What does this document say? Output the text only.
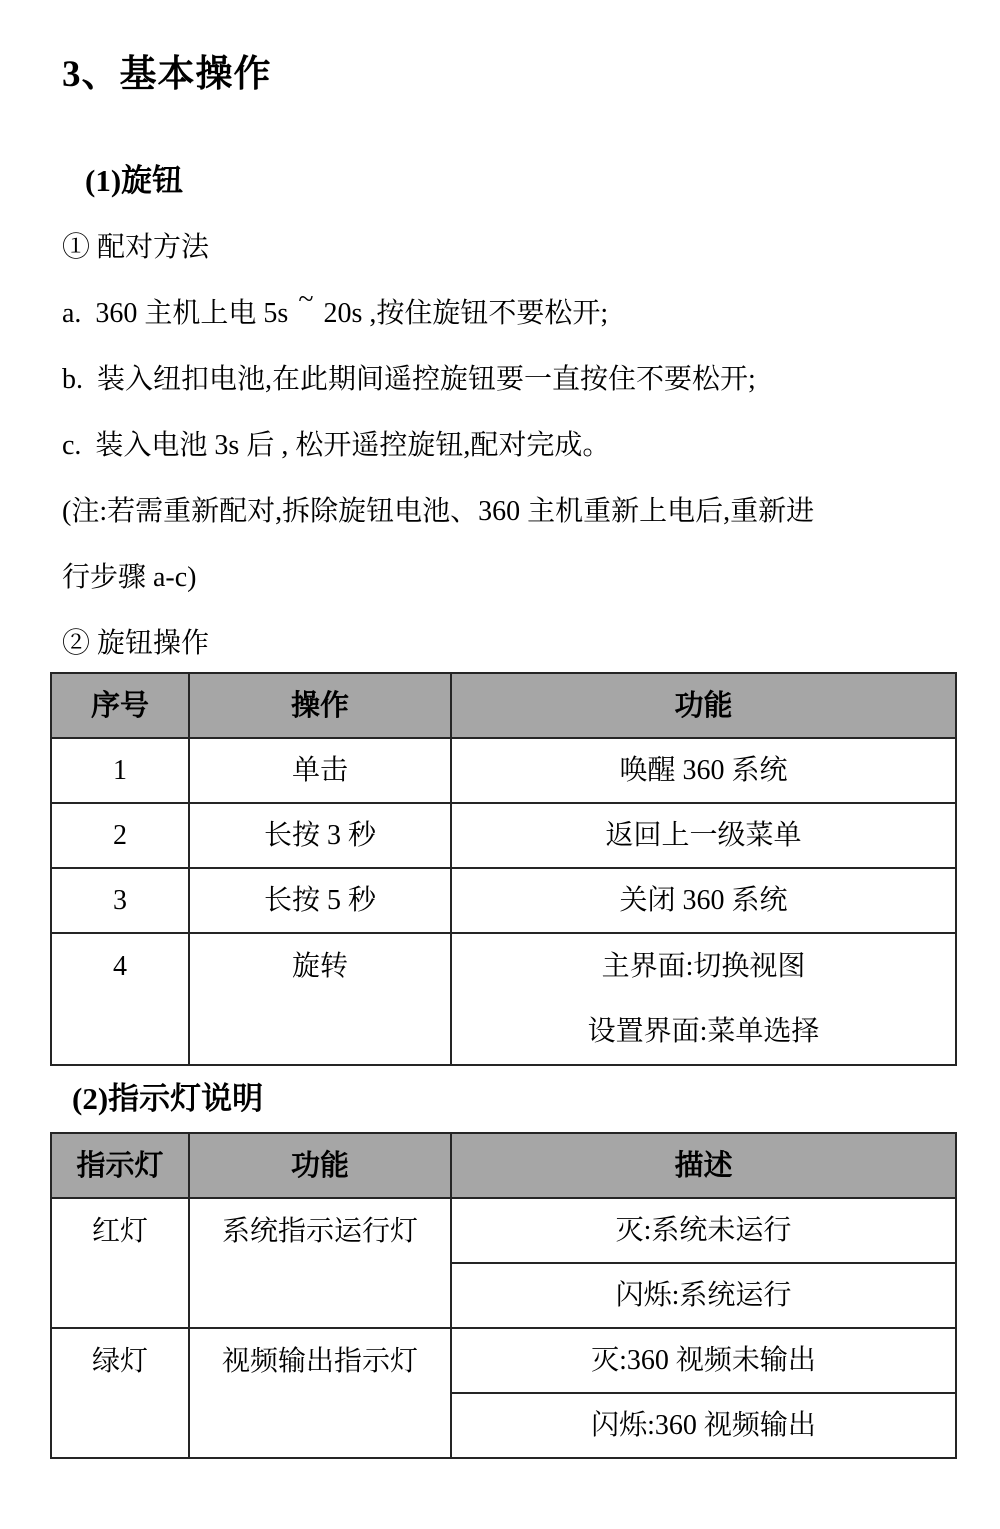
3、基本操作
(1)旋钮

① 配对方法

a.  360 主机上电 5s ~ 20s ,按住旋钮不要松开;

b.  装入纽扣电池,在此期间遥控旋钮要一直按住不要松开;

c.  装入电池 3s 后 , 松开遥控旋钮,配对完成。

(注:若需重新配对,拆除旋钮电池、360 主机重新上电后,重新进

行步骤 a-c)

② 旋钮操作

序号	操作	功能
1	单击	唤醒 360 系统
2	长按 3 秒	返回上一级菜单
3	长按 5 秒	关闭 360 系统
4	旋转	主界面:切换视图
设置界面:菜单选择
(2)指示灯说明
指示灯	功能	描述
红灯	系统指示运行灯	灭:系统未运行
		闪烁:系统运行
绿灯	视频输出指示灯	灭:360 视频未输出
		闪烁:360 视频输出
